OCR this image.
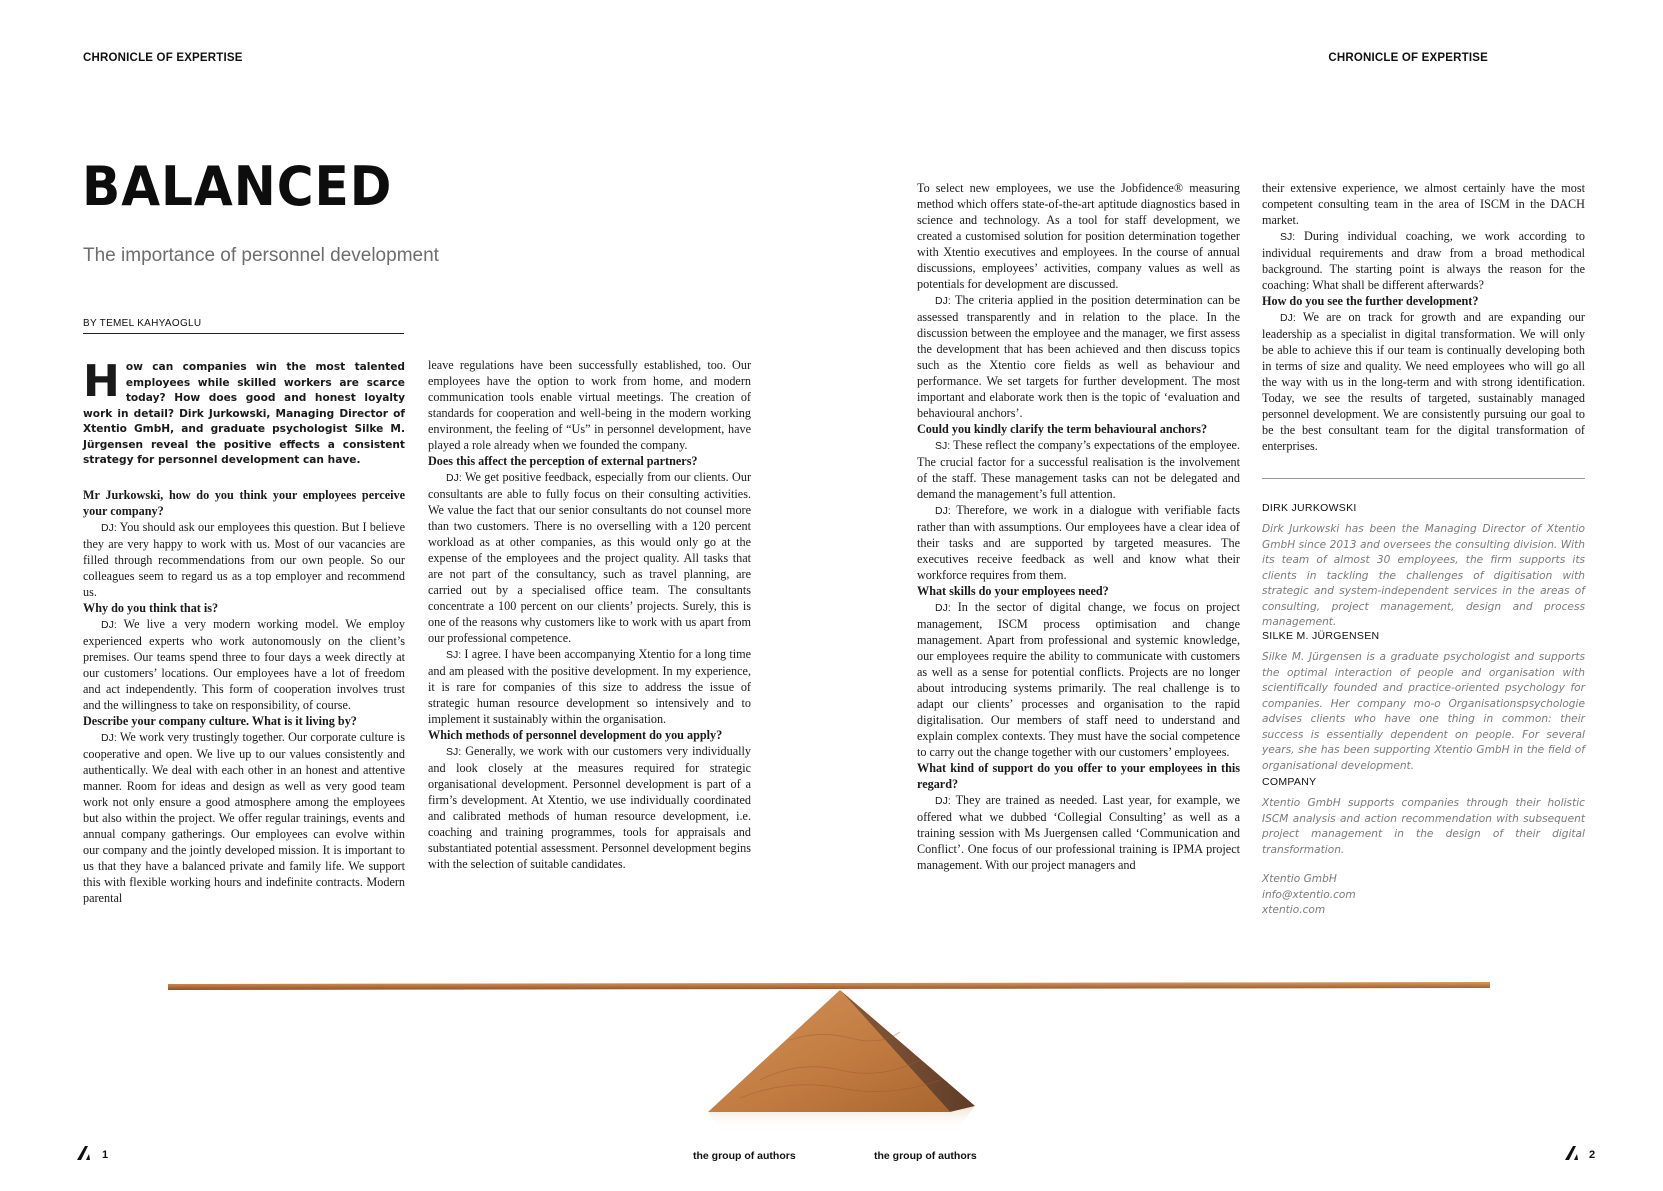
CHRONICLE OF EXPERTISE	CHRONICLE OF EXPERTISE
BALANCED
The importance of personnel development
BY TEMEL KAHYAOGLU
How can companies win the most talented employees while skilled workers are scarce today? How does good and honest loyalty work in detail? Dirk Jurkowski, Managing Director of Xtentio GmbH, and graduate psychologist Silke M. Jürgensen reveal the positive effects a consistent strategy for personnel development can have.

Mr Jurkowski, how do you think your employees perceive your company?

DJ: You should ask our employees this question. But I believe they are very happy to work with us. Most of our vacancies are filled through recommendations from our own people. So our colleagues seem to regard us as a top employer and recommend us.

Why do you think that is?

DJ: We live a very modern working model. We employ experienced experts who work autonomously on the client’s premises. Our teams spend three to four days a week directly at our customers’ locations. Our employees have a lot of freedom and act independently. This form of cooperation involves trust and the willingness to take on responsibility, of course.

Describe your company culture. What is it living by?

DJ: We work very trustingly together. Our corporate culture is cooperative and open. We live up to our values consistently and authentically. We deal with each other in an honest and attentive manner. Room for ideas and design as well as very good team work not only ensure a good atmosphere among the employees but also within the project. We offer regular trainings, events and annual company gatherings. Our employees can evolve within our company and the jointly developed mission. It is important to us that they have a balanced private and family life. We support this with flexible working hours and indefinite contracts. Modern parental

leave regulations have been successfully established, too. Our employees have the option to work from home, and modern communication tools enable virtual meetings. The creation of standards for cooperation and well-being in the modern working environment, the feeling of “Us” in personnel development, have played a role already when we founded the company.

Does this affect the perception of external partners?

DJ: We get positive feedback, especially from our clients. Our consultants are able to fully focus on their consulting activities. We value the fact that our senior consultants do not counsel more than two customers. There is no overselling with a 120 percent workload as at other companies, as this would only go at the expense of the employees and the project quality. All tasks that are not part of the consultancy, such as travel planning, are carried out by a specialised office team. The consultants concentrate a 100 percent on our clients’ projects. Surely, this is one of the reasons why customers like to work with us apart from our professional competence.

SJ: I agree. I have been accompanying Xtentio for a long time and am pleased with the positive development. In my experience, it is rare for companies of this size to address the issue of strategic human resource development so intensively and to implement it sustainably within the organisation.

Which methods of personnel development do you apply?

SJ: Generally, we work with our customers very individually and look closely at the measures required for strategic organisational development. Personnel development is part of a firm’s development. At Xtentio, we use individually coordinated and calibrated methods of human resource development, i.e. coaching and training programmes, tools for appraisals and substantiated potential assessment. Personnel development begins with the selection of suitable candidates.

To select new employees, we use the Jobfidence® measuring method which offers state-of-the-art aptitude diagnostics based in science and technology. As a tool for staff development, we created a customised solution for position determination together with Xtentio executives and employees. In the course of annual discussions, employees’ activities, company values as well as potentials for development are discussed.

DJ: The criteria applied in the position determination can be assessed transparently and in relation to the place. In the discussion between the employee and the manager, we first assess the development that has been achieved and then discuss topics such as the Xtentio core fields as well as behaviour and performance. We set targets for further development. The most important and elaborate work then is the topic of ‘evaluation and behavioural anchors’.

Could you kindly clarify the term behavioural anchors?

SJ: These reflect the company’s expectations of the employee. The crucial factor for a successful realisation is the involvement of the staff. These management tasks can not be delegated and demand the management’s full attention.

DJ: Therefore, we work in a dialogue with verifiable facts rather than with assumptions. Our employees have a clear idea of their tasks and are supported by targeted measures. The executives receive feedback as well and know what their workforce requires from them.

What skills do your employees need?

DJ: In the sector of digital change, we focus on project management, ISCM process optimisation and change management. Apart from professional and systemic knowledge, our employees require the ability to communicate with customers as well as a sense for potential conflicts. Projects are no longer about introducing systems primarily. The real challenge is to adapt our clients’ processes and organisation to the rapid digitalisation. Our members of staff need to understand and explain complex contexts. They must have the social competence to carry out the change together with our customers’ employees.

What kind of support do you offer to your employees in this regard?

DJ: They are trained as needed. Last year, for example, we offered what we dubbed ‘Collegial Consulting’ as well as a training session with Ms Juergensen called ‘Communication and Conflict’. One focus of our professional training is IPMA project management. With our project managers and

their extensive experience, we almost certainly have the most competent consulting team in the area of ISCM in the DACH market.

SJ: During individual coaching, we work according to individual requirements and draw from a broad methodical background. The starting point is always the reason for the coaching: What shall be different afterwards?

How do you see the further development?

DJ: We are on track for growth and are expanding our leadership as a specialist in digital transformation. We will only be able to achieve this if our team is continually developing both in terms of size and quality. We need employees who will go all the way with us in the long-term and with strong identification. Today, we see the results of targeted, sustainably managed personnel development. We are consistently pursuing our goal to be the best consultant team for the digital transformation of enterprises.

DIRK JURKOWSKI
Dirk Jurkowski has been the Managing Director of Xtentio GmbH since 2013 and oversees the consulting division. With its team of almost 30 employees, the firm supports its clients in tackling the challenges of digitisation with strategic and system-independent services in the areas of consulting, project management, design and process management.
SILKE M. JÜRGENSEN
Silke M. Jürgensen is a graduate psychologist and supports the optimal interaction of people and organisation with scientifically founded and practice-oriented psychology for companies. Her company mo-o Organisationspsychologie advises clients who have one thing in common: their success is essentially dependent on people. For several years, she has been supporting Xtentio GmbH in the field of organisational development.
COMPANY
Xtentio GmbH supports companies through their holistic ISCM analysis and action recommendation with subsequent project management in the design of their digital transformation.
Xtentio GmbH
info@xtentio.com
xtentio.com
1	the group of authors	the group of authors	2
